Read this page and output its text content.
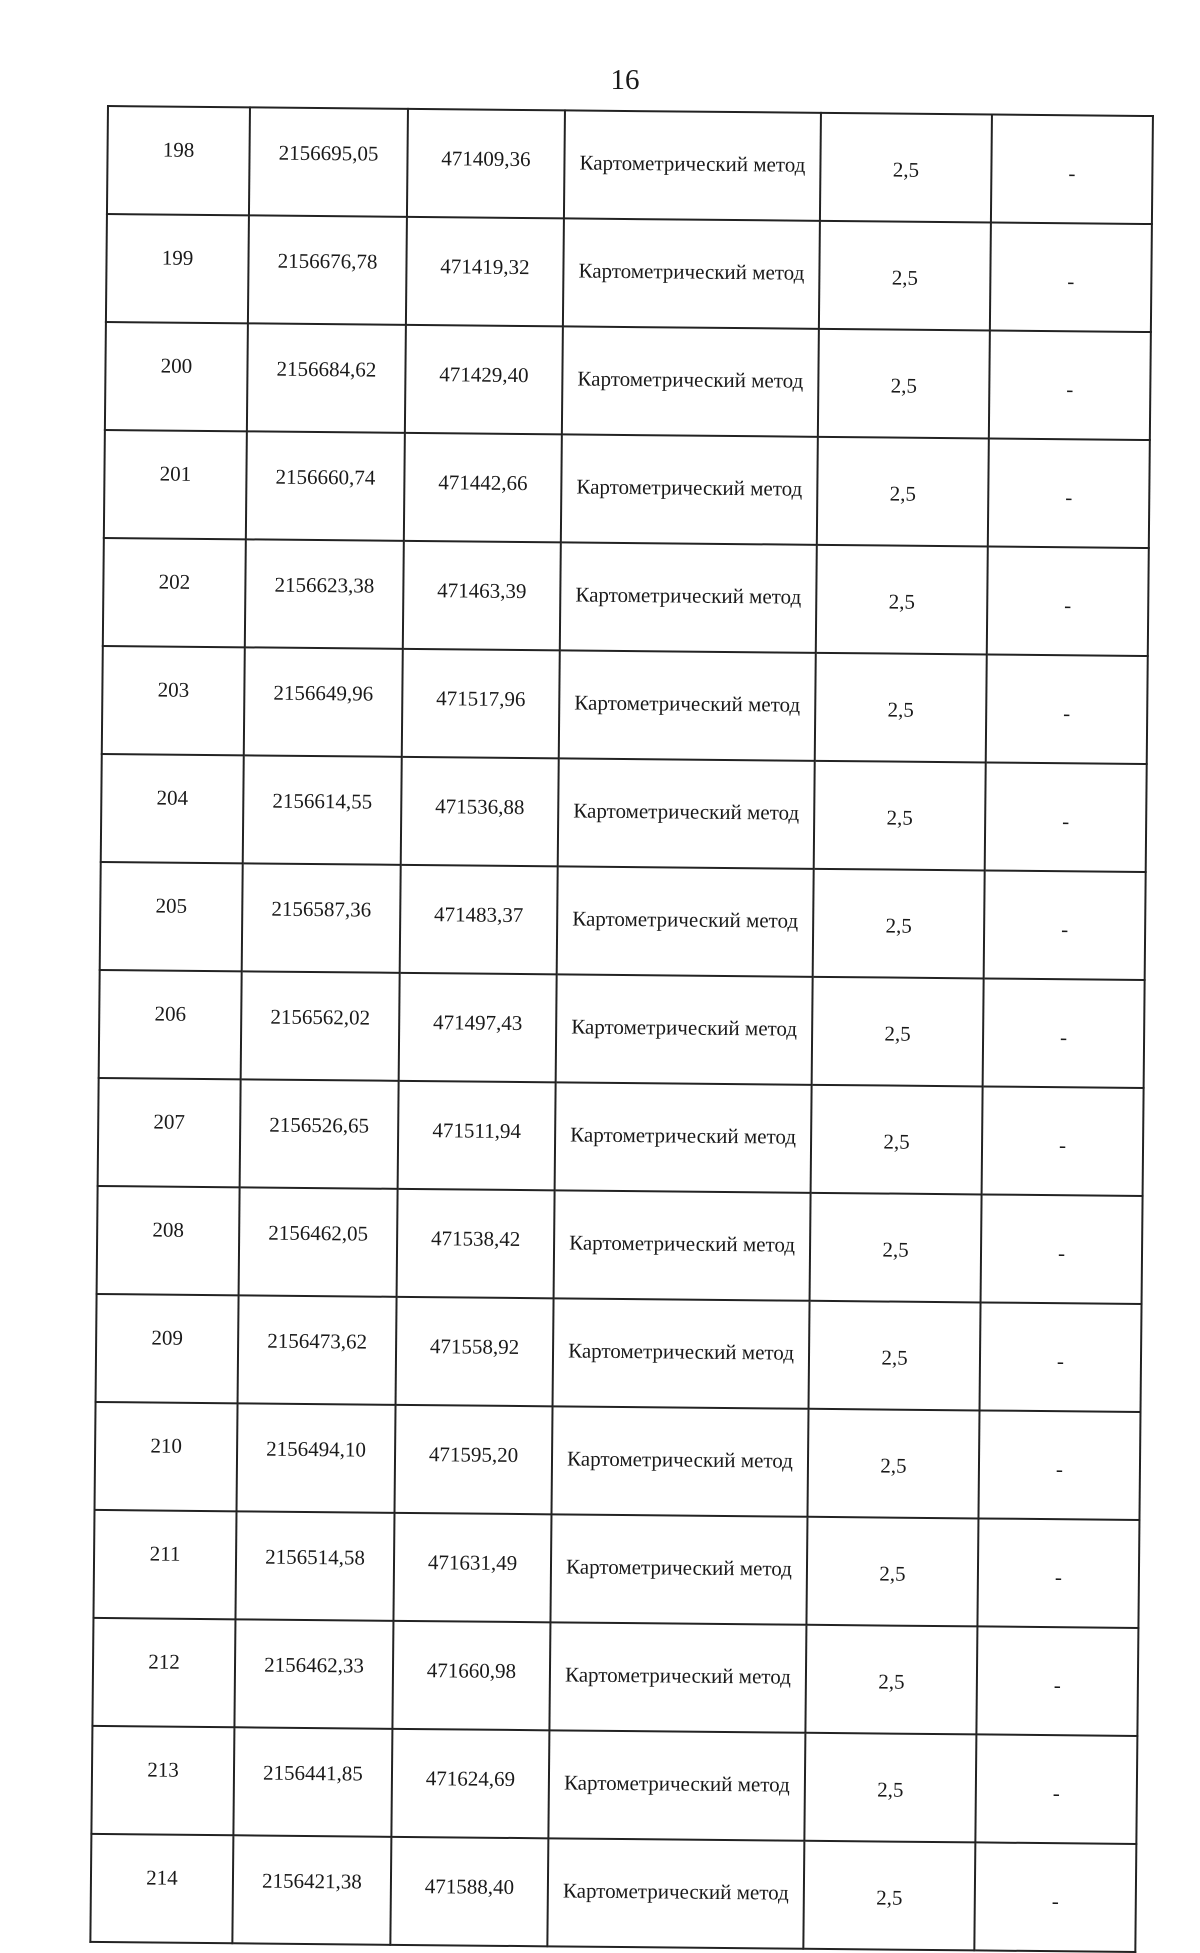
16
198	2156695,05	471409,36	Картометрический метод	2,5	-
199	2156676,78	471419,32	Картометрический метод	2,5	-
200	2156684,62	471429,40	Картометрический метод	2,5	-
201	2156660,74	471442,66	Картометрический метод	2,5	-
202	2156623,38	471463,39	Картометрический метод	2,5	-
203	2156649,96	471517,96	Картометрический метод	2,5	-
204	2156614,55	471536,88	Картометрический метод	2,5	-
205	2156587,36	471483,37	Картометрический метод	2,5	-
206	2156562,02	471497,43	Картометрический метод	2,5	-
207	2156526,65	471511,94	Картометрический метод	2,5	-
208	2156462,05	471538,42	Картометрический метод	2,5	-
209	2156473,62	471558,92	Картометрический метод	2,5	-
210	2156494,10	471595,20	Картометрический метод	2,5	-
211	2156514,58	471631,49	Картометрический метод	2,5	-
212	2156462,33	471660,98	Картометрический метод	2,5	-
213	2156441,85	471624,69	Картометрический метод	2,5	-
214	2156421,38	471588,40	Картометрический метод	2,5	-
